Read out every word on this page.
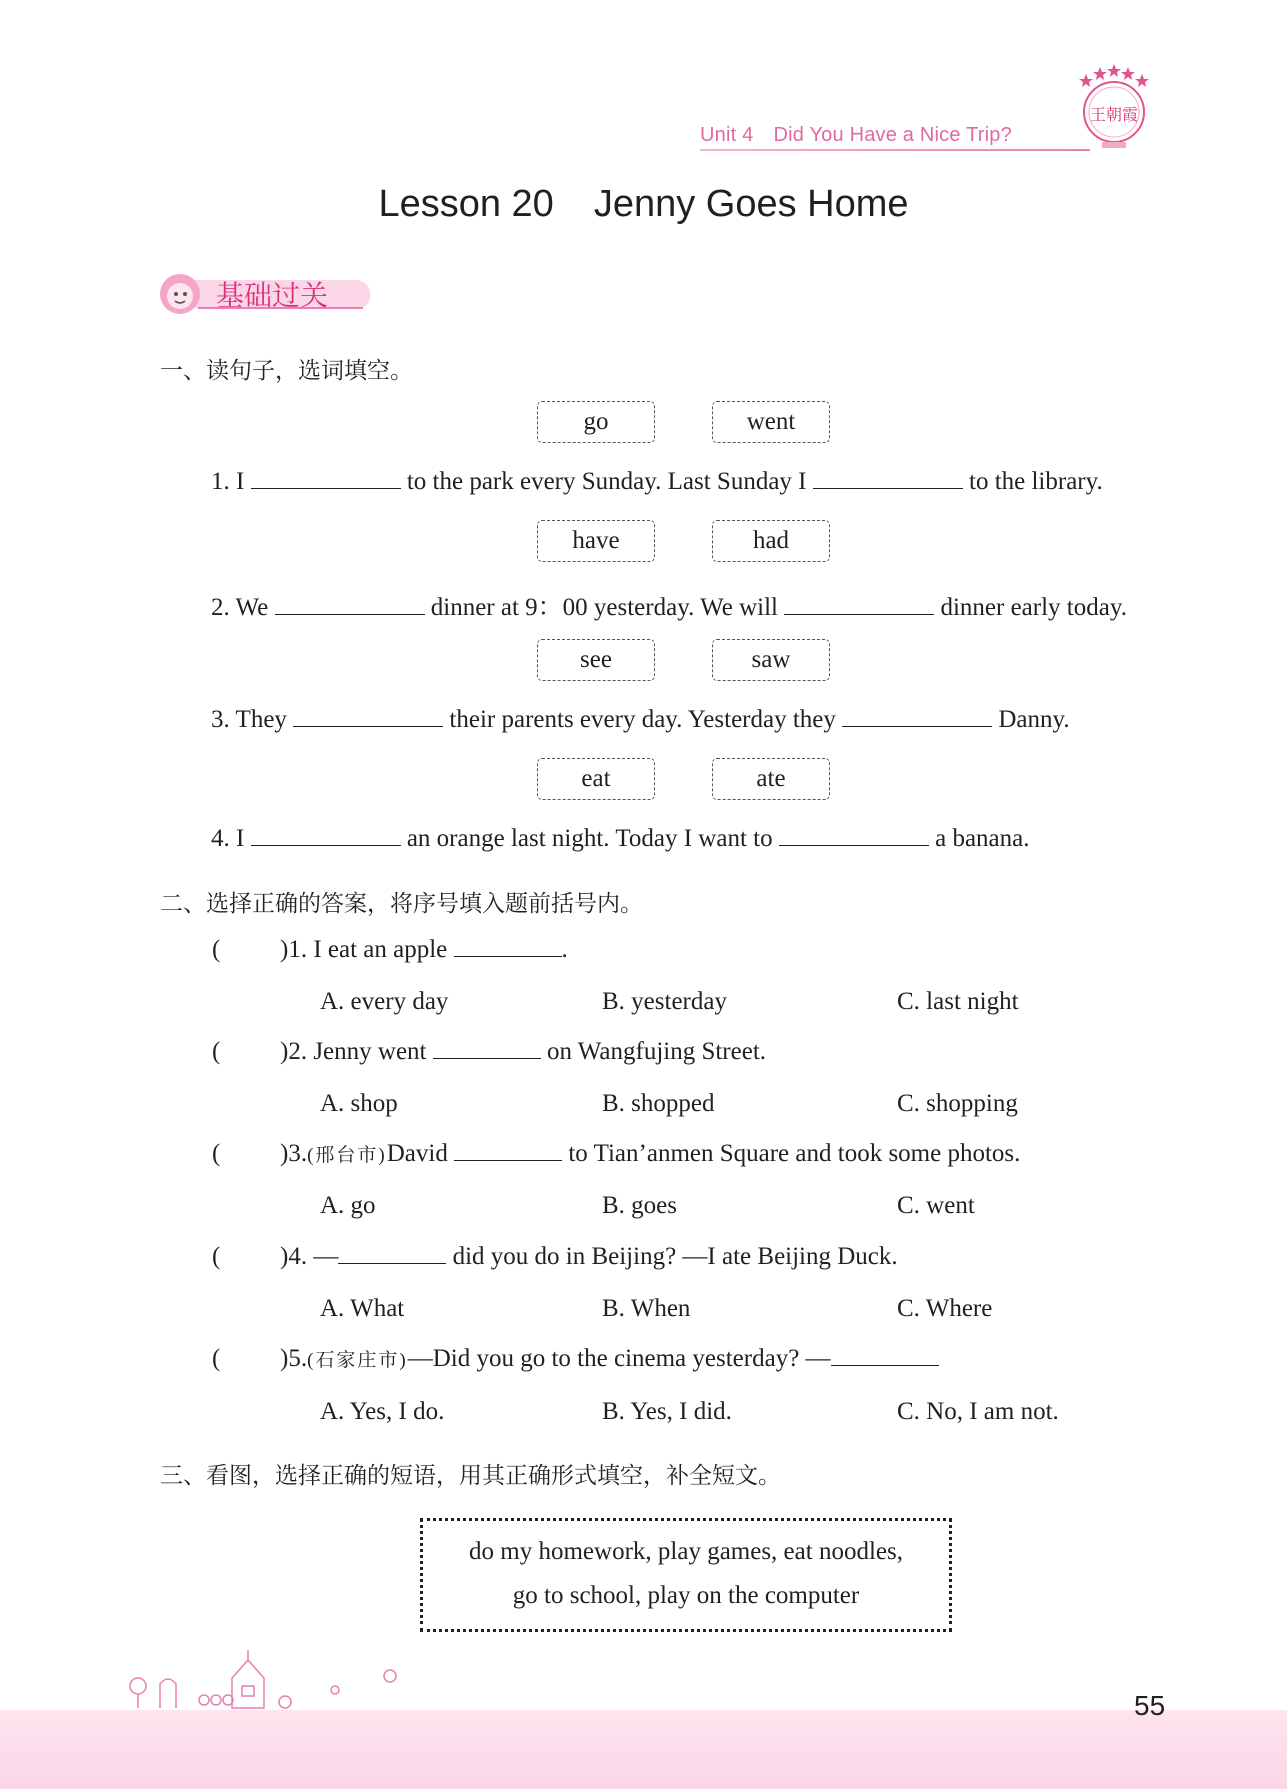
Unit 4 Did You Have a Nice Trip?
王朝霞
Lesson 20 Jenny Goes Home
基础过关
一、读句子，选词填空。
go	went
1. I	to the park every Sunday. Last Sunday I	to the library.
have	had
2. We	dinner at 9：00 yesterday. We will	dinner early today.
see	saw
3. They	their parents every day. Yesterday they	Danny.
eat	ate
4. I	an orange last night. Today I want to	a banana.
二、选择正确的答案，将序号填入题前括号内。
( )1. I eat an apple	.
A. every day	B. yesterday	C. last night
( )2. Jenny went	on Wangfujing Street.
A. shop	B. shopped	C. shopping
( )3.(邢台市)David	to Tian’anmen Square and took some photos.
A. go	B. goes	C. went
( )4. —	did you do in Beijing? —I ate Beijing Duck.
A. What	B. When	C. Where
( )5.(石家庄市)—Did you go to the cinema yesterday? —
A. Yes, I do.	B. Yes, I did.	C. No, I am not.
三、看图，选择正确的短语，用其正确形式填空，补全短文。
do my homework, play games, eat noodles,
go to school, play on the computer
55
